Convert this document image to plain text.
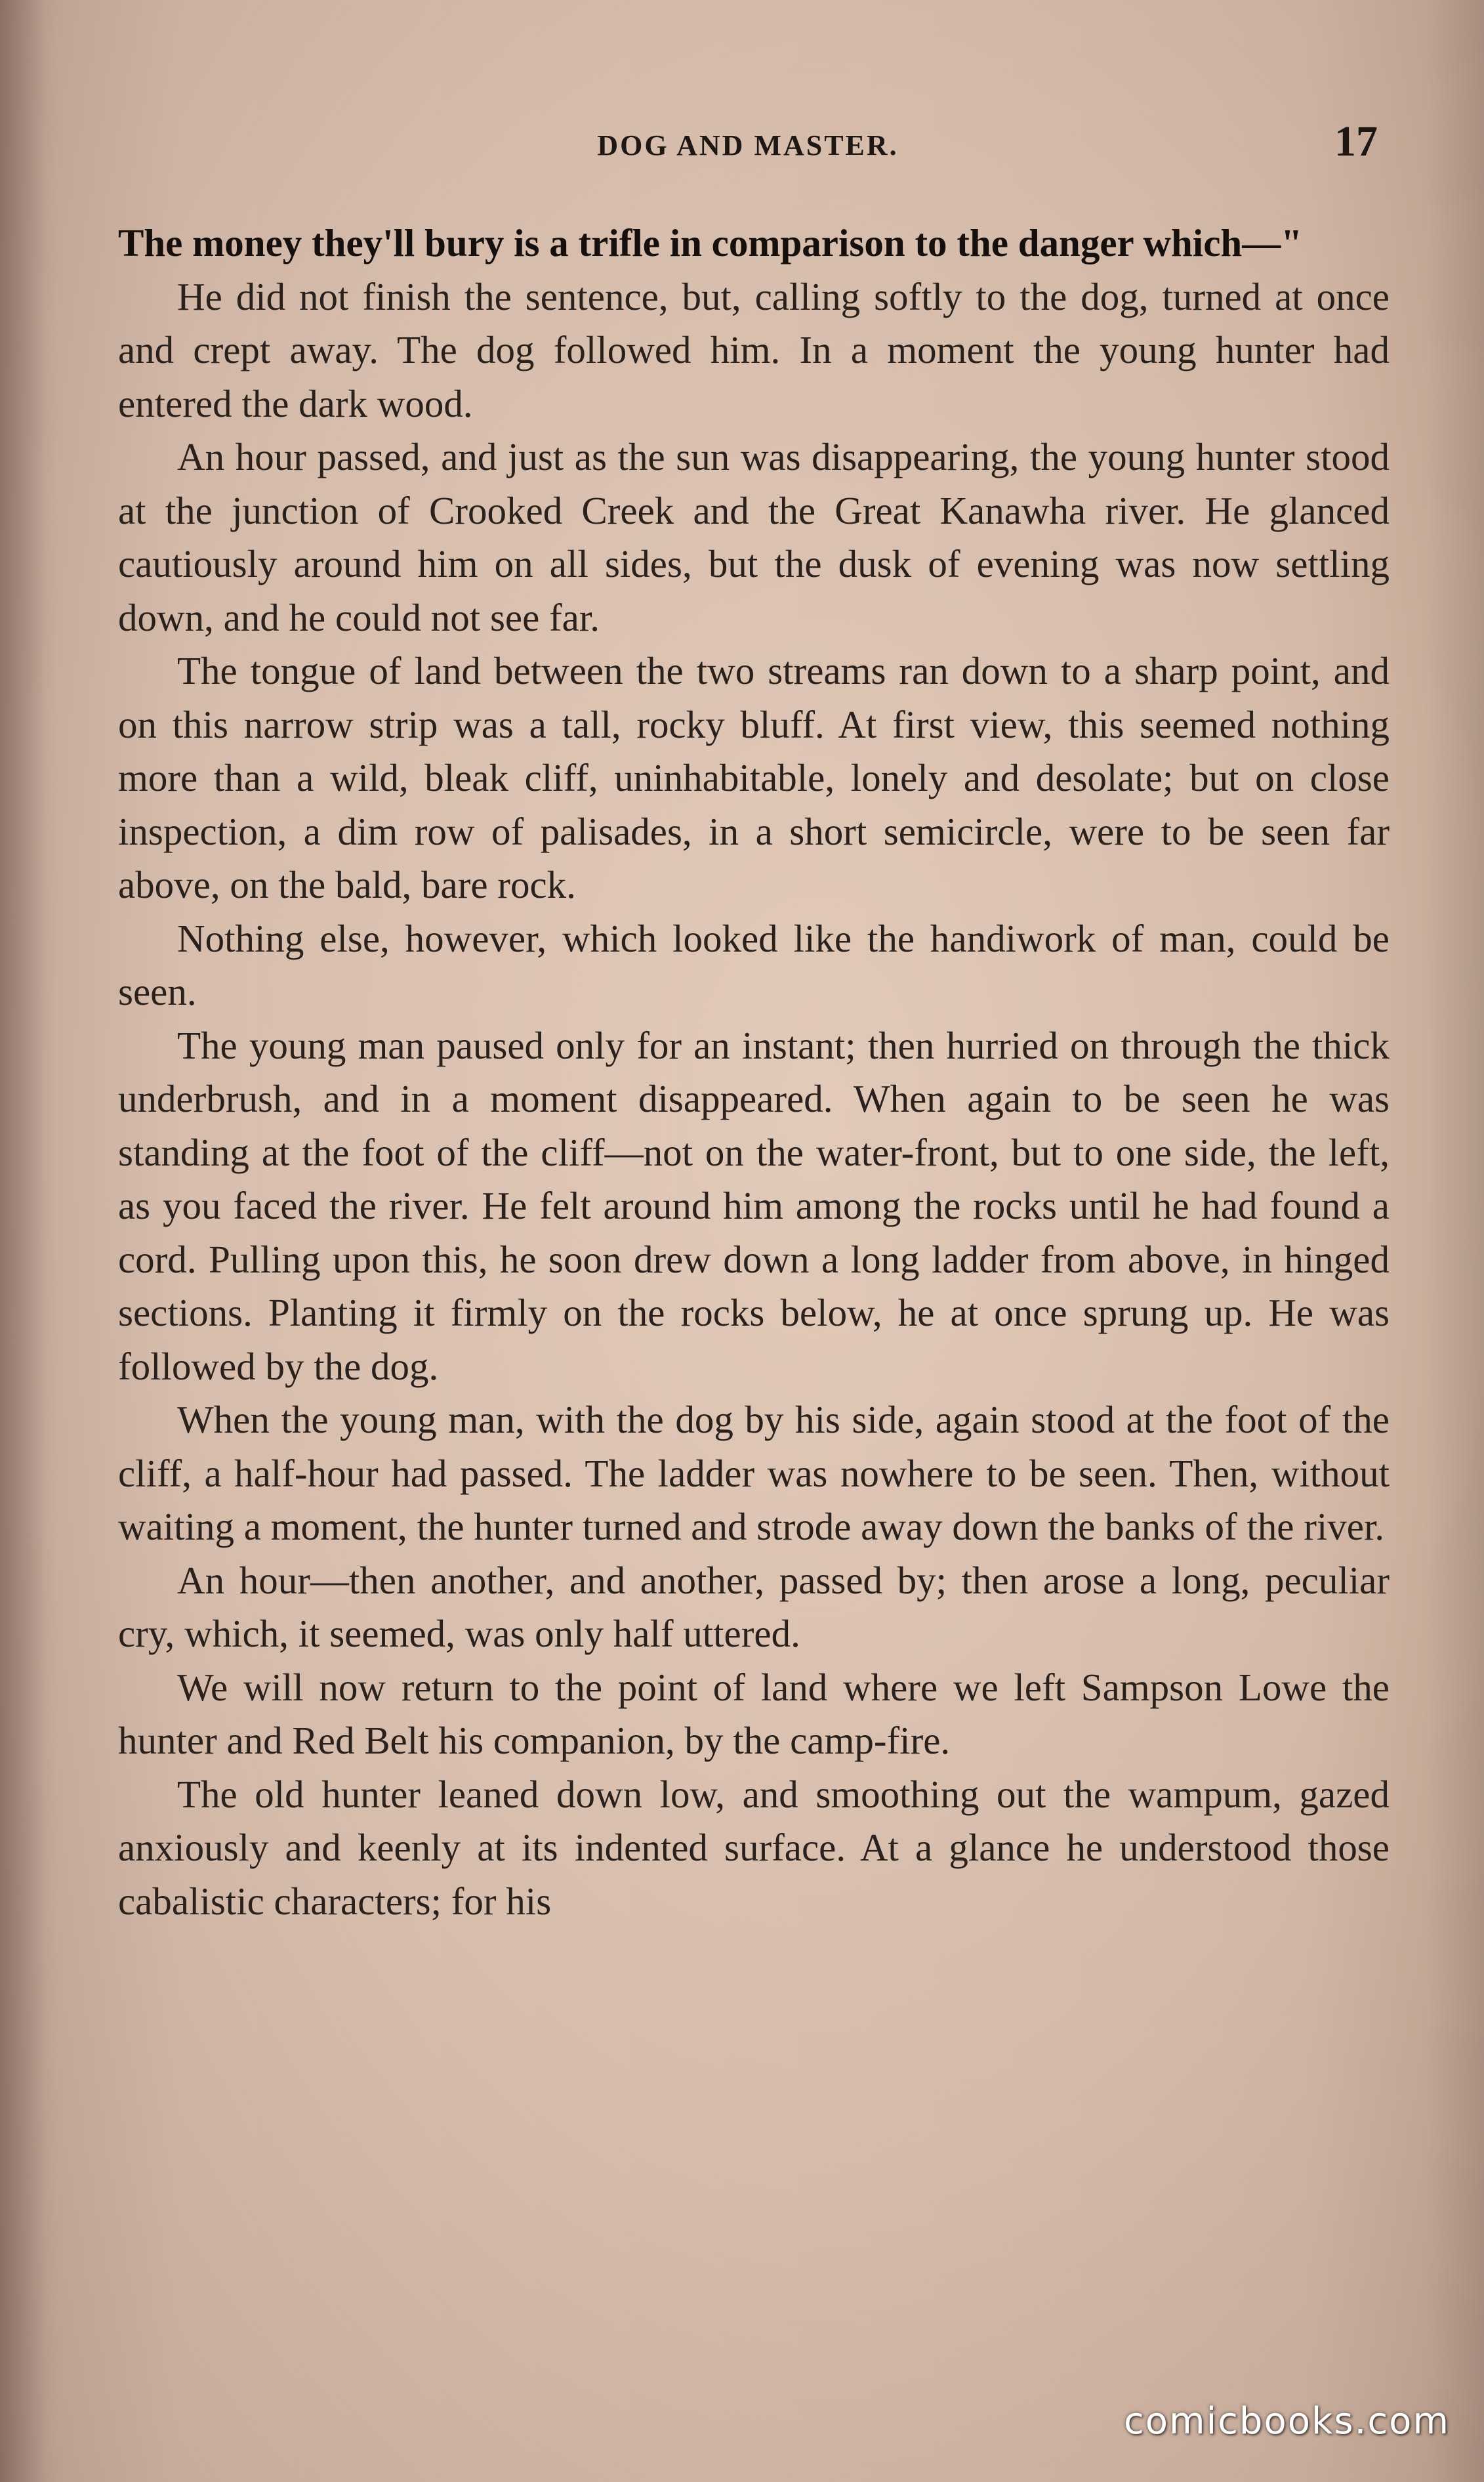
DOG AND MASTER.	17

The money they'll bury is a trifle in comparison to the danger which—"

He did not finish the sentence, but, calling softly to the dog, turned at once and crept away. The dog followed him. In a moment the young hunter had entered the dark wood.

An hour passed, and just as the sun was disappearing, the young hunter stood at the junction of Crooked Creek and the Great Kanawha river. He glanced cautiously around him on all sides, but the dusk of evening was now settling down, and he could not see far.

The tongue of land between the two streams ran down to a sharp point, and on this narrow strip was a tall, rocky bluff. At first view, this seemed nothing more than a wild, bleak cliff, uninhabitable, lonely and desolate; but on close inspection, a dim row of palisades, in a short semicircle, were to be seen far above, on the bald, bare rock.

Nothing else, however, which looked like the handiwork of man, could be seen.

The young man paused only for an instant; then hurried on through the thick underbrush, and in a moment disappeared. When again to be seen he was standing at the foot of the cliff—not on the water-front, but to one side, the left, as you faced the river. He felt around him among the rocks until he had found a cord. Pulling upon this, he soon drew down a long ladder from above, in hinged sections. Planting it firmly on the rocks below, he at once sprung up. He was followed by the dog.

When the young man, with the dog by his side, again stood at the foot of the cliff, a half-hour had passed. The ladder was nowhere to be seen. Then, without waiting a moment, the hunter turned and strode away down the banks of the river.

An hour—then another, and another, passed by; then arose a long, peculiar cry, which, it seemed, was only half uttered.

We will now return to the point of land where we left Sampson Lowe the hunter and Red Belt his companion, by the camp-fire.

The old hunter leaned down low, and smoothing out the wampum, gazed anxiously and keenly at its indented surface. At a glance he understood those cabalistic characters; for his

comicbooks.com
